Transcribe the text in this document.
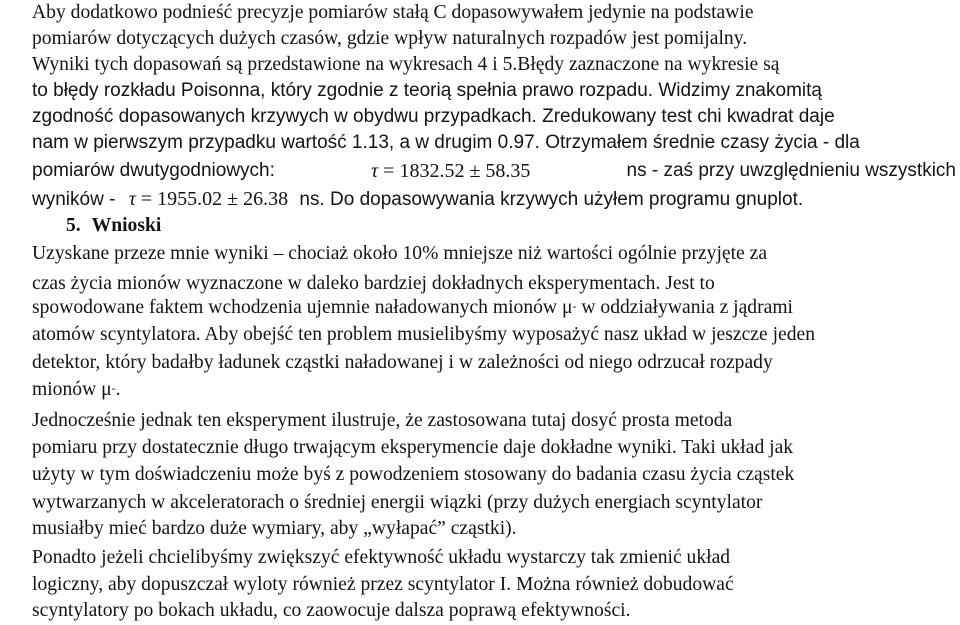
Aby dodatkowo podnieść precyzje pomiarów stałą C dopasowywałem jedynie na podstawie
pomiarów dotyczących dużych czasów, gdzie wpływ naturalnych rozpadów jest pomijalny.
Wyniki tych dopasowań są przedstawione na wykresach 4 i 5.Błędy zaznaczone na wykresie są
to błędy rozkładu Poisonna, który zgodnie z teorią spełnia prawo rozpadu. Widzimy znakomitą
zgodność dopasowanych krzywych w obydwu przypadkach. Zredukowany test chi kwadrat daje
nam w pierwszym przypadku wartość 1.13, a w drugim 0.97. Otrzymałem średnie czasy życia - dla
pomiarów dwutygodniowych:	τ = 1832.52 ± 58.35	ns - zaś przy uwzględnieniu wszystkich
wyników - τ = 1955.02 ± 26.38 ns. Do dopasowywania krzywych użyłem programu gnuplot.
5. Wnioski
Uzyskane przeze mnie wyniki – chociaż około 10% mniejsze niż wartości ogólnie przyjęte za
czas życia mionów wyznaczone w daleko bardziej dokładnych eksperymentach. Jest to
spowodowane faktem wchodzenia ujemnie naładowanych mionów μ- w oddziaływania z jądrami
atomów scyntylatora. Aby obejść ten problem musielibyśmy wyposażyć nasz układ w jeszcze jeden
detektor, który badałby ładunek cząstki naładowanej i w zależności od niego odrzucał rozpady
mionów μ-.
Jednocześnie jednak ten eksperyment ilustruje, że zastosowana tutaj dosyć prosta metoda
pomiaru przy dostatecznie długo trwającym eksperymencie daje dokładne wyniki. Taki układ jak
użyty w tym doświadczeniu może byś z powodzeniem stosowany do badania czasu życia cząstek
wytwarzanych w akceleratorach o średniej energii wiązki (przy dużych energiach scyntylator
musiałby mieć bardzo duże wymiary, aby „wyłapać” cząstki).
Ponadto jeżeli chcielibyśmy zwiększyć efektywność układu wystarczy tak zmienić układ
logiczny, aby dopuszczał wyloty również przez scyntylator I. Można również dobudować
scyntylatory po bokach układu, co zaowocuje dalsza poprawą efektywności.
